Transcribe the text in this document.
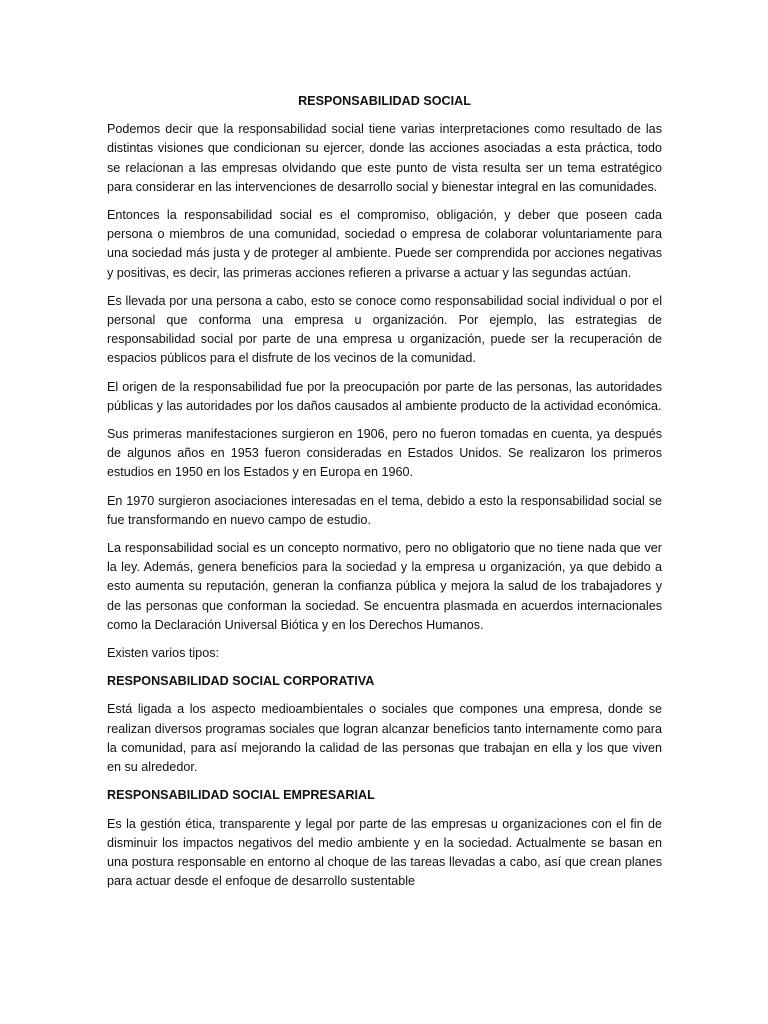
RESPONSABILIDAD SOCIAL

Podemos decir que la responsabilidad social tiene varias interpretaciones como resultado de las distintas visiones que condicionan su ejercer, donde las acciones asociadas a esta práctica, todo se relacionan a las empresas olvidando que este punto de vista resulta ser un tema estratégico para considerar en las intervenciones de desarrollo social y bienestar integral en las comunidades.

Entonces la responsabilidad social es el compromiso, obligación, y deber que poseen cada persona o miembros de una comunidad, sociedad o empresa de colaborar voluntariamente para una sociedad más justa y de proteger al ambiente. Puede ser comprendida por acciones negativas y positivas, es decir, las primeras acciones refieren a privarse a actuar y las segundas actúan.

Es llevada por una persona a cabo, esto se conoce como responsabilidad social individual o por el personal que conforma una empresa u organización. Por ejemplo, las estrategias de responsabilidad social por parte de una empresa u organización, puede ser la recuperación de espacios públicos para el disfrute de los vecinos de la comunidad.

El origen de la responsabilidad fue por la preocupación por parte de las personas, las autoridades públicas y las autoridades por los daños causados al ambiente producto de la actividad económica.

Sus primeras manifestaciones surgieron en 1906, pero no fueron tomadas en cuenta, ya después de algunos años en 1953 fueron consideradas en Estados Unidos. Se realizaron los primeros estudios en 1950 en los Estados y en Europa en 1960.

En 1970 surgieron asociaciones interesadas en el tema, debido a esto la responsabilidad social se fue transformando en nuevo campo de estudio.

La responsabilidad social es un concepto normativo, pero no obligatorio que no tiene nada que ver la ley. Además, genera beneficios para la sociedad y la empresa u organización, ya que debido a esto aumenta su reputación, generan la confianza pública y mejora la salud de los trabajadores y de las personas que conforman la sociedad. Se encuentra plasmada en acuerdos internacionales como la Declaración Universal Biótica y en los Derechos Humanos.

Existen varios tipos:

RESPONSABILIDAD SOCIAL CORPORATIVA

Está ligada a los aspecto medioambientales o sociales que compones una empresa, donde se realizan diversos programas sociales que logran alcanzar beneficios tanto internamente como para la comunidad, para así mejorando la calidad de las personas que trabajan en ella y los que viven en su alrededor.

RESPONSABILIDAD SOCIAL EMPRESARIAL

Es la gestión ética, transparente y legal por parte de las empresas u organizaciones con el fin de disminuir los impactos negativos del medio ambiente y en la sociedad. Actualmente se basan en una postura responsable en entorno al choque de las tareas llevadas a cabo, así que crean planes para actuar desde el enfoque de desarrollo sustentable
